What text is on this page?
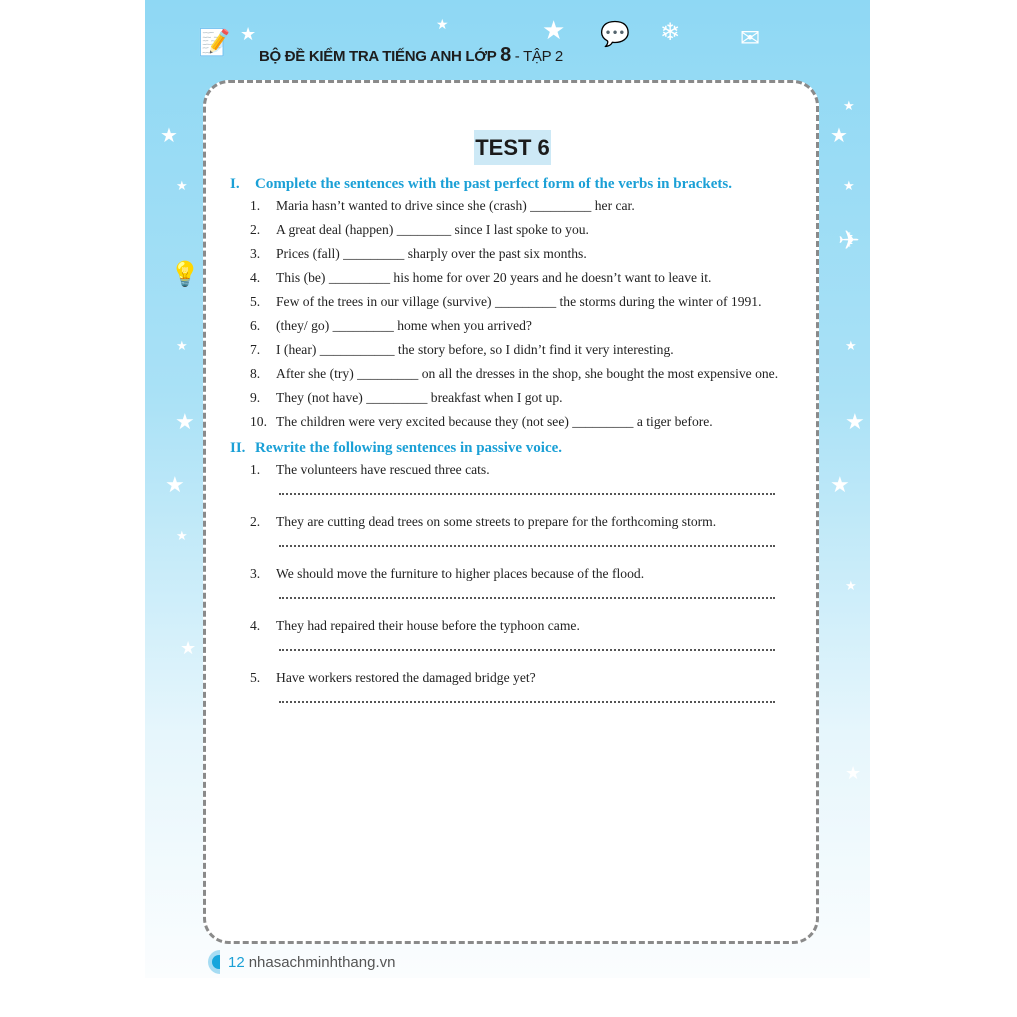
★	★	★	❄
💬	✉
📝
★
★
★
★	★
✈
💡
★
★
★	★
★	★
★
★
★
★
BỘ ĐỀ KIỂM TRA TIẾNG ANH LỚP 8 - TẬP 2
TEST 6
I.	Complete the sentences with the past perfect form of the verbs in brackets.
1.	Maria hasn’t wanted to drive since she (crash) _________ her car.
2.	A great deal (happen) ________ since I last spoke to you.
3.	Prices (fall) _________ sharply over the past six months.
4.	This (be) _________ his home for over 20 years and he doesn’t want to leave it.
5.	Few of the trees in our village (survive) _________ the storms during the winter of 1991.
6.	(they/ go) _________ home when you arrived?
7.	I (hear) ___________ the story before, so I didn’t find it very interesting.
8.	After she (try) _________ on all the dresses in the shop, she bought the most expensive one.
9.	They (not have) _________ breakfast when I got up.
10. The children were very excited because they (not see) _________ a tiger before.
II. Rewrite the following sentences in passive voice.
1.	The volunteers have rescued three cats.
2.	They are cutting dead trees on some streets to prepare for the forthcoming storm.
3.	We should move the furniture to higher places because of the flood.
4.	They had repaired their house before the typhoon came.
5.	Have workers restored the damaged bridge yet?
12 nhasachminhthang.vn
